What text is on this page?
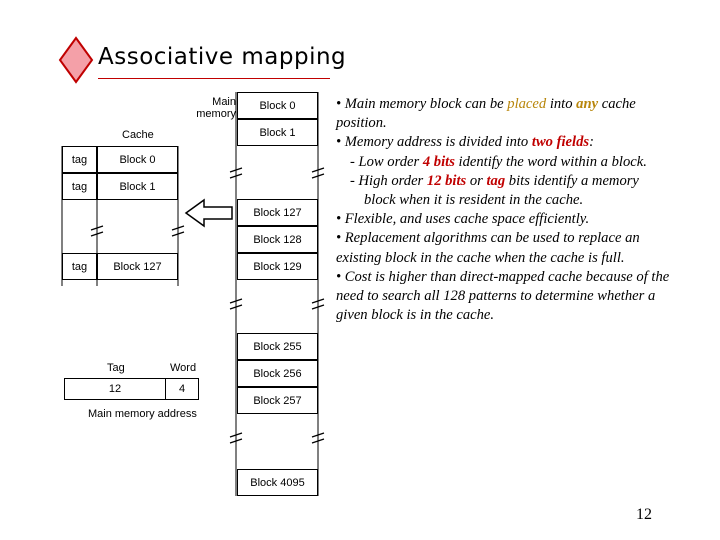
Associative mapping
Main
memory
Block 0
Block 1
Block 127
Block 128
Block 129
Block 255
Block 256
Block 257
Block 4095
Cache
tag	Block 0
tag	Block 1
tag	Block 127
Tag	Word
12	4
Main memory address

• Main memory block can be placed into any cache position.

• Memory address is divided into two fields:

- Low order 4 bits identify the word within a block.

- High order 12 bits or tag bits identify a memory

block when it is resident in the cache.

• Flexible, and uses cache space efficiently.

• Replacement algorithms can be used to replace an existing block in the cache when the cache is full.

• Cost is higher than direct-mapped cache because of the need to search all 128 patterns to determine whether a given block is in the cache.

12
